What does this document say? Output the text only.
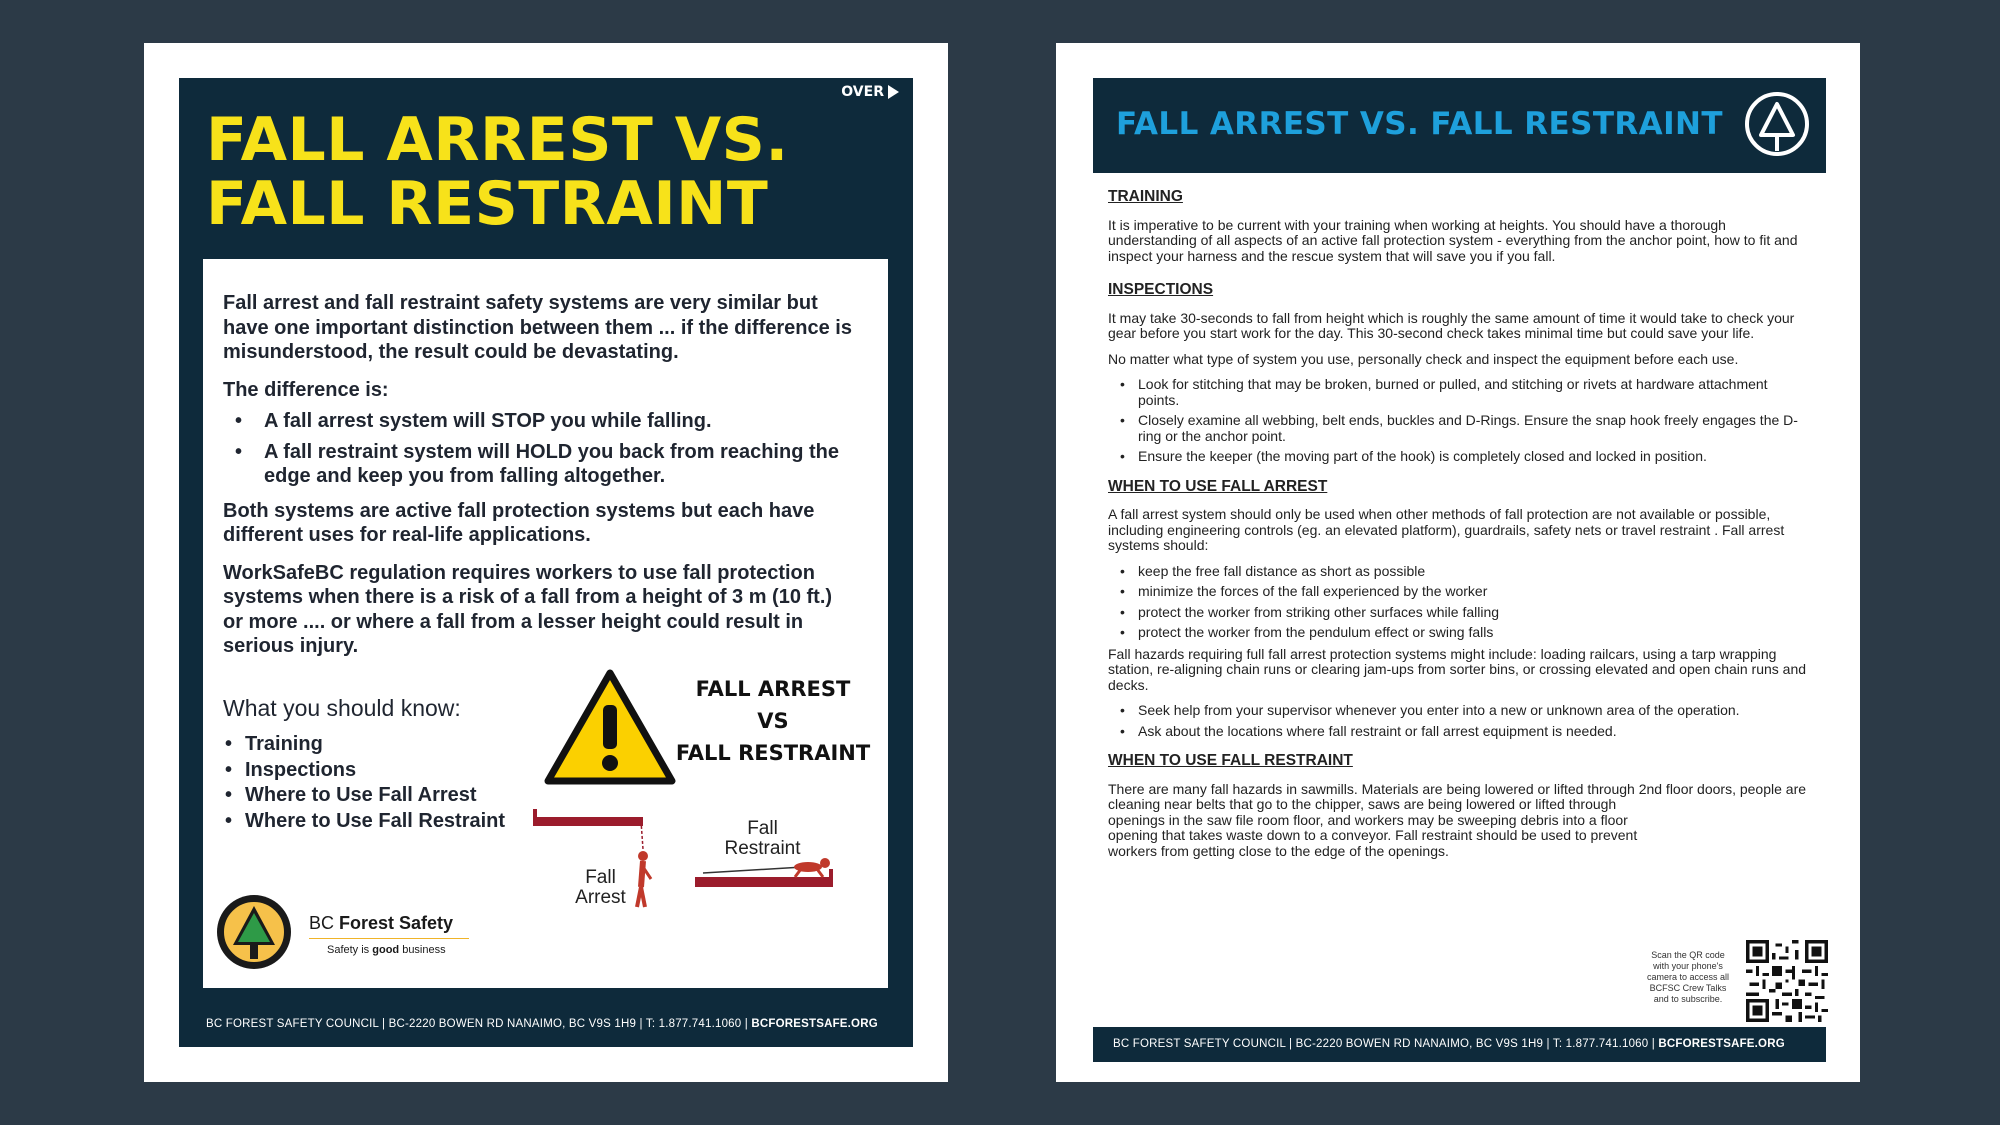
OVER
FALL ARREST VS.
FALL RESTRAINT

Fall arrest and fall restraint safety systems are very similar but have one important distinction between them ... if the difference is misunderstood, the result could be devastating.

The difference is:

• A fall arrest system will STOP you while falling.
• A fall restraint system will HOLD you back from reaching the edge and keep you from falling altogether.

Both systems are active fall protection systems but each have different uses for real-life applications.

WorkSafeBC regulation requires workers to use fall protection systems when there is a risk of a fall from a height of 3 m (10 ft.) or more .... or where a fall from a lesser height could result in serious injury.

What you should know:
• Training
• Inspections
• Where to Use Fall Arrest
• Where to Use Fall Restraint
FALL ARREST
VS
FALL RESTRAINT
Fall Restraint
Fall Arrest
BC Forest Safety
Safety is good business
BC FOREST SAFETY COUNCIL | BC-2220 BOWEN RD NANAIMO, BC V9S 1H9 | T: 1.877.741.1060 | BCFORESTSAFE.ORG
FALL ARREST VS. FALL RESTRAINT
TRAINING

It is imperative to be current with your training when working at heights. You should have a thorough understanding of all aspects of an active fall protection system - everything from the anchor point, how to fit and inspect your harness and the rescue system that will save you if you fall.

INSPECTIONS

It may take 30-seconds to fall from height which is roughly the same amount of time it would take to check your gear before you start work for the day. This 30-second check takes minimal time but could save your life.

No matter what type of system you use, personally check and inspect the equipment before each use.

• Look for stitching that may be broken, burned or pulled, and stitching or rivets at hardware attachment points.
• Closely examine all webbing, belt ends, buckles and D-Rings. Ensure the snap hook freely engages the D-ring or the anchor point.
• Ensure the keeper (the moving part of the hook) is completely closed and locked in position.
WHEN TO USE FALL ARREST

A fall arrest system should only be used when other methods of fall protection are not available or possible, including engineering controls (eg. an elevated platform), guardrails, safety nets or travel restraint . Fall arrest systems should:

• keep the free fall distance as short as possible
• minimize the forces of the fall experienced by the worker
• protect the worker from striking other surfaces while falling
• protect the worker from the pendulum effect or swing falls

Fall hazards requiring full fall arrest protection systems might include: loading railcars, using a tarp wrapping station, re-aligning chain runs or clearing jam-ups from sorter bins, or crossing elevated and open chain runs and decks.

• Seek help from your supervisor whenever you enter into a new or unknown area of the operation.
• Ask about the locations where fall restraint or fall arrest equipment is needed.
WHEN TO USE FALL RESTRAINT

There are many fall hazards in sawmills. Materials are being lowered or lifted through 2nd floor doors, people are cleaning near belts that go to the chipper, saws are being lowered or lifted through

openings in the saw file room floor, and workers may be sweeping debris into a floor opening that takes waste down to a conveyor. Fall restraint should be used to prevent workers from getting close to the edge of the openings.

Scan the QR code with your phone's camera to access all BCFSC Crew Talks and to subscribe.
BC FOREST SAFETY COUNCIL | BC-2220 BOWEN RD NANAIMO, BC V9S 1H9 | T: 1.877.741.1060 | BCFORESTSAFE.ORG
